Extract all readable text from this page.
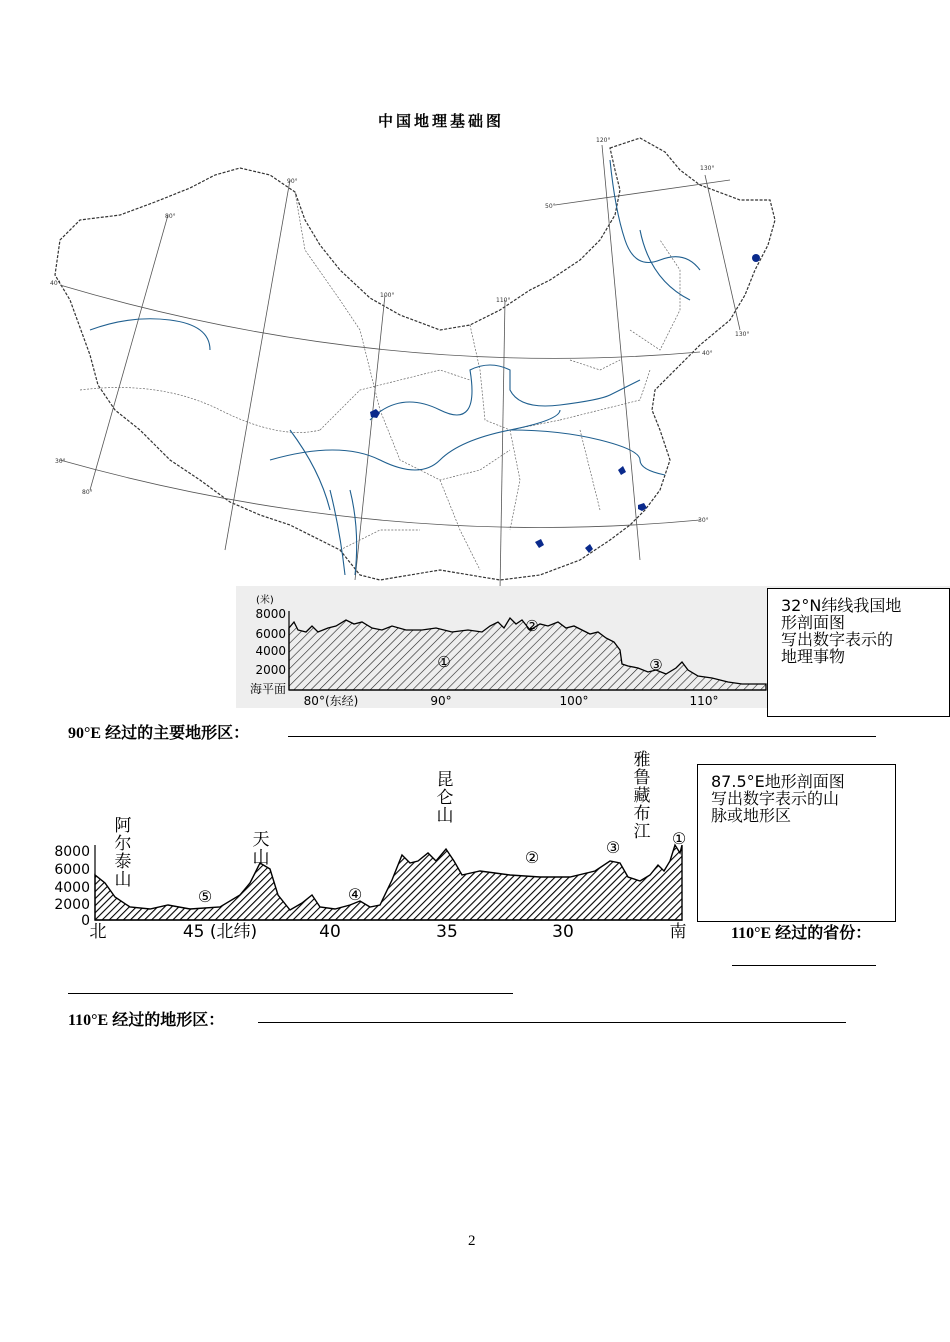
中国地理基础图
80°
90°
100°
110°
120°
130°
80°
130°
40°
30°
50°
40°
30°
(米)
8000
6000
4000
2000
海平面
80°(东经)	90°	100°	110°
①
②
③
32°N纬线我国地
形剖面图
写出数字表示的
地理事物
90°E 经过的主要地形区：
8000
6000
4000
2000
0
北	45 (北纬)	40	35	30	南
阿
尔
泰
山
天
山
昆
仑
山
雅
鲁
藏
布
江 ①
②
③
④
⑤
87.5°E地形剖面图
写出数字表示的山
脉或地形区
110°E 经过的省份：
110°E 经过的地形区：
2
